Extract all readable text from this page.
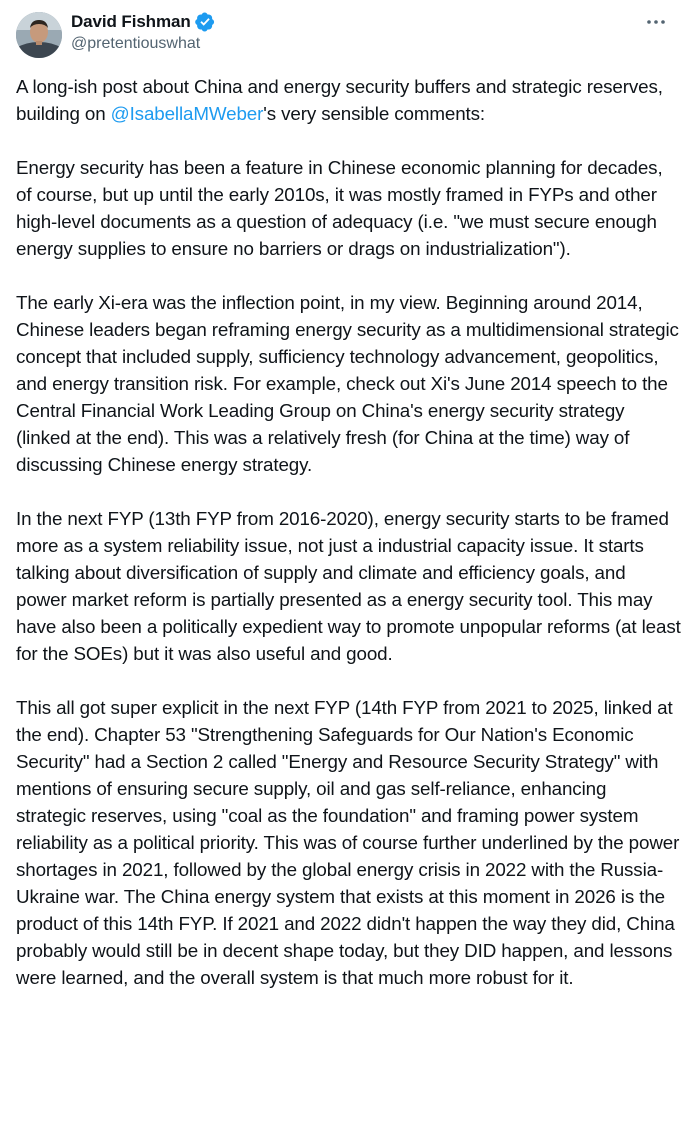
David Fishman
@pretentiouswhat

A long-ish post about China and energy security buffers and strategic reserves, building on @IsabellaMWeber's very sensible comments:

Energy security has been a feature in Chinese economic planning for decades, of course, but up until the early 2010s, it was mostly framed in FYPs and other high-level documents as a question of adequacy (i.e. "we must secure enough energy supplies to ensure no barriers or drags on industrialization").

The early Xi-era was the inflection point, in my view. Beginning around 2014, Chinese leaders began reframing energy security as a multidimensional strategic concept that included supply, sufficiency technology advancement, geopolitics, and energy transition risk. For example, check out Xi's June 2014 speech to the Central Financial Work Leading Group on China's energy security strategy (linked at the end). This was a relatively fresh (for China at the time) way of discussing Chinese energy strategy.

In the next FYP (13th FYP from 2016-2020), energy security starts to be framed more as a system reliability issue, not just a industrial capacity issue. It starts talking about diversification of supply and climate and efficiency goals, and power market reform is partially presented as a energy security tool. This may have also been a politically expedient way to promote unpopular reforms (at least for the SOEs) but it was also useful and good.

This all got super explicit in the next FYP (14th FYP from 2021 to 2025, linked at the end). Chapter 53 "Strengthening Safeguards for Our Nation's Economic Security" had a Section 2 called "Energy and Resource Security Strategy" with mentions of ensuring secure supply, oil and gas self-reliance, enhancing strategic reserves, using "coal as the foundation" and framing power system reliability as a political priority. This was of course further underlined by the power shortages in 2021, followed by the global energy crisis in 2022 with the Russia-Ukraine war. The China energy system that exists at this moment in 2026 is the product of this 14th FYP. If 2021 and 2022 didn't happen the way they did, China probably would still be in decent shape today, but they DID happen, and lessons were learned, and the overall system is that much more robust for it.
